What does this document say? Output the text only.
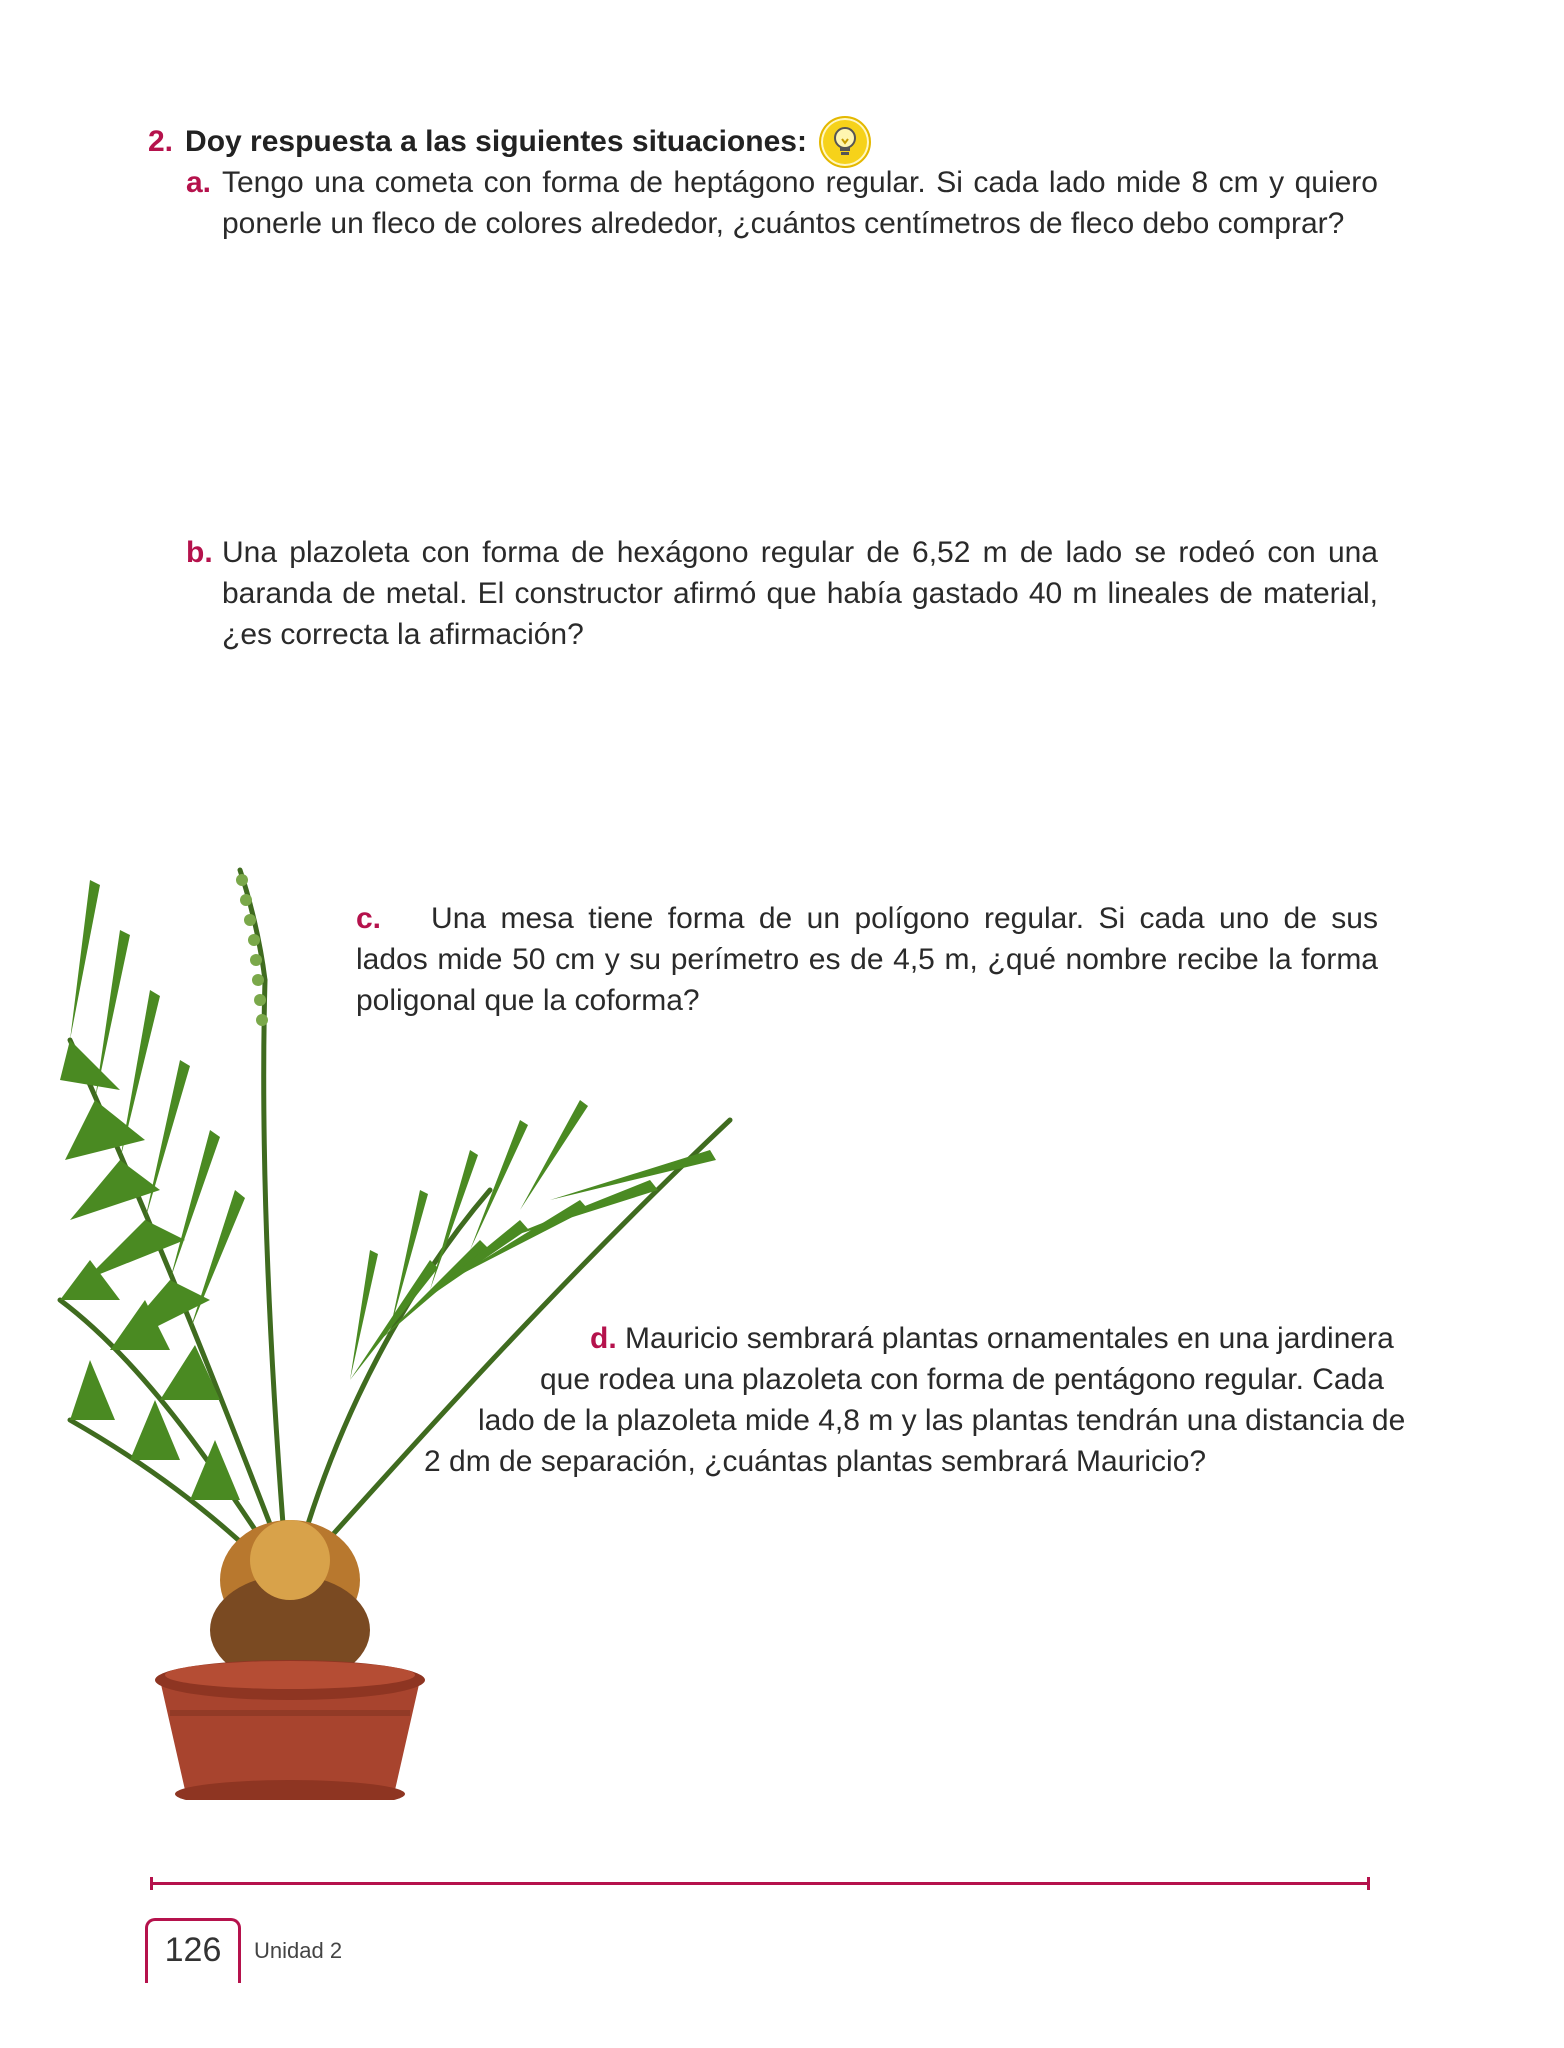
2. Doy respuesta a las siguientes situaciones:
a. Tengo una cometa con forma de heptágono regular. Si cada lado mide 8 cm y quiero ponerle un fleco de colores alrededor, ¿cuántos centímetros de fleco debo comprar?
b. Una plazoleta con forma de hexágono regular de 6,52 m de lado se rodeó con una baranda de metal. El constructor afirmó que había gastado 40 m lineales de material, ¿es correcta la afirmación?
c. Una mesa tiene forma de un polígono regular. Si cada uno de sus lados mide 50 cm y su perímetro es de 4,5 m, ¿qué nombre recibe la forma poligonal que la coforma?
d. Mauricio sembrará plantas ornamentales en una jardinera
que rodea una plazoleta con forma de pentágono regular. Cada
lado de la plazoleta mide 4,8 m y las plantas tendrán una distancia de
2 dm de separación, ¿cuántas plantas sembrará Mauricio?
126	Unidad 2
